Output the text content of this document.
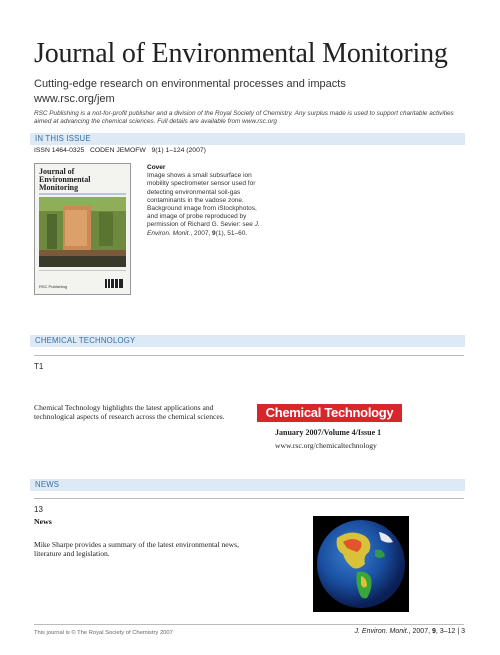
Journal of Environmental Monitoring
Cutting-edge research on environmental processes and impacts
www.rsc.org/jem
RSC Publishing is a not-for-profit publisher and a division of the Royal Society of Chemistry. Any surplus made is used to support charitable activities aimed at advancing the chemical sciences. Full details are available from www.rsc.org
IN THIS ISSUE
ISSN 1464-0325 CODEN JEMOFW 9(1) 1–124 (2007)
Journal of
Environmental
Monitoring
RSC Publishing
Cover
Image shows a small subsurface ion mobility spectrometer sensor used for detecting environmental soil-gas contaminants in the vadose zone. Background image from iStockphotos, and image of probe reproduced by permission of Richard G. Sevier: see J. Environ. Monit., 2007, 9(1), 51–60.
CHEMICAL TECHNOLOGY
T1
Chemical Technology highlights the latest applications and technological aspects of research across the chemical sciences.	Chemical Technology
January 2007/Volume 4/Issue 1
www.rsc.org/chemicaltechnology
NEWS
13
News
Mike Sharpe provides a summary of the latest environmental news, literature and legislation.
This journal is © The Royal Society of Chemistry 2007	J. Environ. Monit., 2007, 9, 3–12 | 3
